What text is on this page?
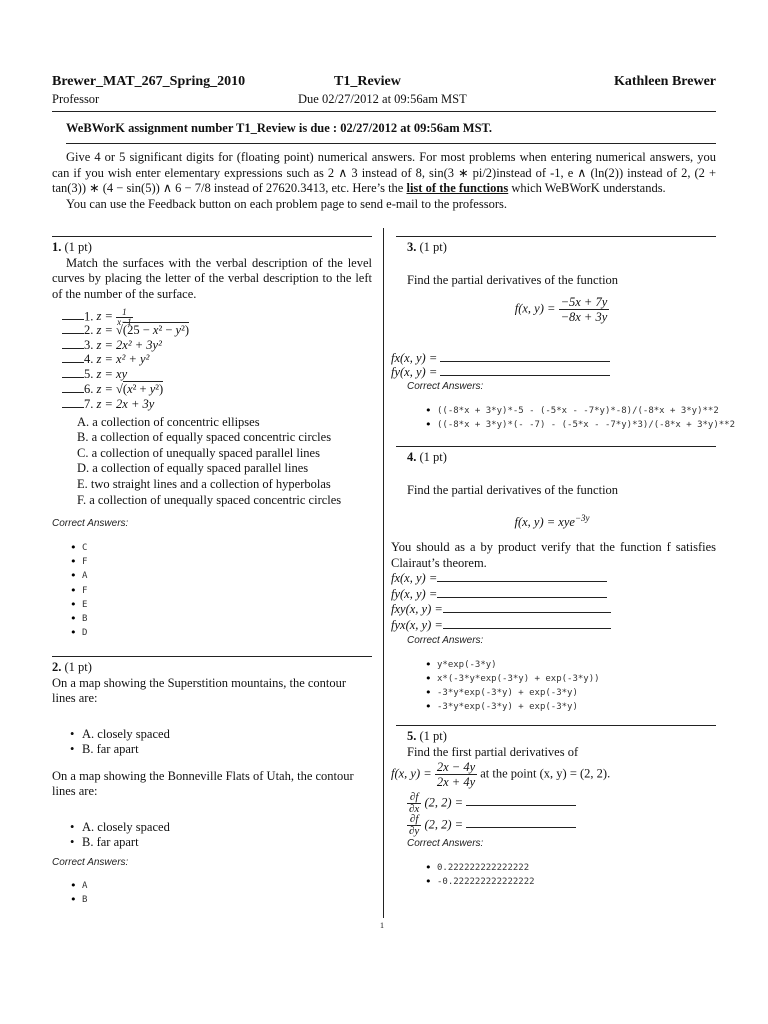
Brewer_MAT_267_Spring_2010	T1_Review	Kathleen Brewer
Professor	Due 02/27/2012 at 09:56am MST
WeBWorK assignment number T1_Review is due : 02/27/2012 at 09:56am MST.

Give 4 or 5 significant digits for (floating point) numerical answers. For most problems when entering numerical answers, you can if you wish enter elementary expressions such as 2 ∧ 3 instead of 8, sin(3 ∗ pi/2)instead of -1, e ∧ (ln(2)) instead of 2, (2 + tan(3)) ∗ (4 − sin(5)) ∧ 6 − 7/8 instead of 27620.3413, etc. Here’s the list of the functions which WeBWorK understands.

You can use the Feedback button on each problem page to send e-mail to the professors.

1. (1 pt)

Match the surfaces with the verbal description of the level curves by placing the letter of the verbal description to the left of the number of the surface.

1. $z = \frac{1}{x-1}$
2. z = √(25 − x² − y²)
3. z = 2x² + 3y²
4. z = x² + y²
5. z = xy
6. z = √(x² + y²)
7. z = 2x + 3y
A. a collection of concentric ellipses
B. a collection of equally spaced concentric circles
C. a collection of unequally spaced parallel lines
D. a collection of equally spaced parallel lines
E. two straight lines and a collection of hyperbolas
F. a collection of unequally spaced concentric circles

Correct Answers:

• C
• F
• A
• F
• E
• B
• D

2. (1 pt)

On a map showing the Superstition mountains, the contour lines are:

• A. closely spaced
• B. far apart

On a map showing the Bonneville Flats of Utah, the contour lines are:

• A. closely spaced
• B. far apart

Correct Answers:

• A
• B

3. (1 pt)

Find the partial derivatives of the function

f(x, $y) = \frac{-5x + 7y}{-8x + 3y}$
fx(x, y) =
fy(x, y) =

Correct Answers:

• ((-8*x + 3*y)*-5 - (-5*x - -7*y)*-8)/(-8*x + 3*y)**2
• ((-8*x + 3*y)*(- -7) - (-5*x - -7*y)*3)/(-8*x + 3*y)**2

4. (1 pt)

Find the partial derivatives of the function

f(x, y) = xye$^{-3y}$

You should as a by product verify that the function f satisfies Clairaut’s theorem.

fx(x, y) =
fy(x, y) =
fxy(x, y) =
fyx(x, y) =

Correct Answers:

• y*exp(-3*y)
• x*(-3*y*exp(-3*y) + exp(-3*y))
• -3*y*exp(-3*y) + exp(-3*y)
• -3*y*exp(-3*y) + exp(-3*y)

5. (1 pt)

Find the first partial derivatives of

f(x, $y) = \frac{2x - 4y}{2x + 4y}$ at the point (x, y) = (2, 2).
$\frac{\partial f}{\partial x} (2$, 2) =
$\frac{\partial f}{\partial y} (2$, 2) =

Correct Answers:

• 0.222222222222222
• -0.222222222222222
1
